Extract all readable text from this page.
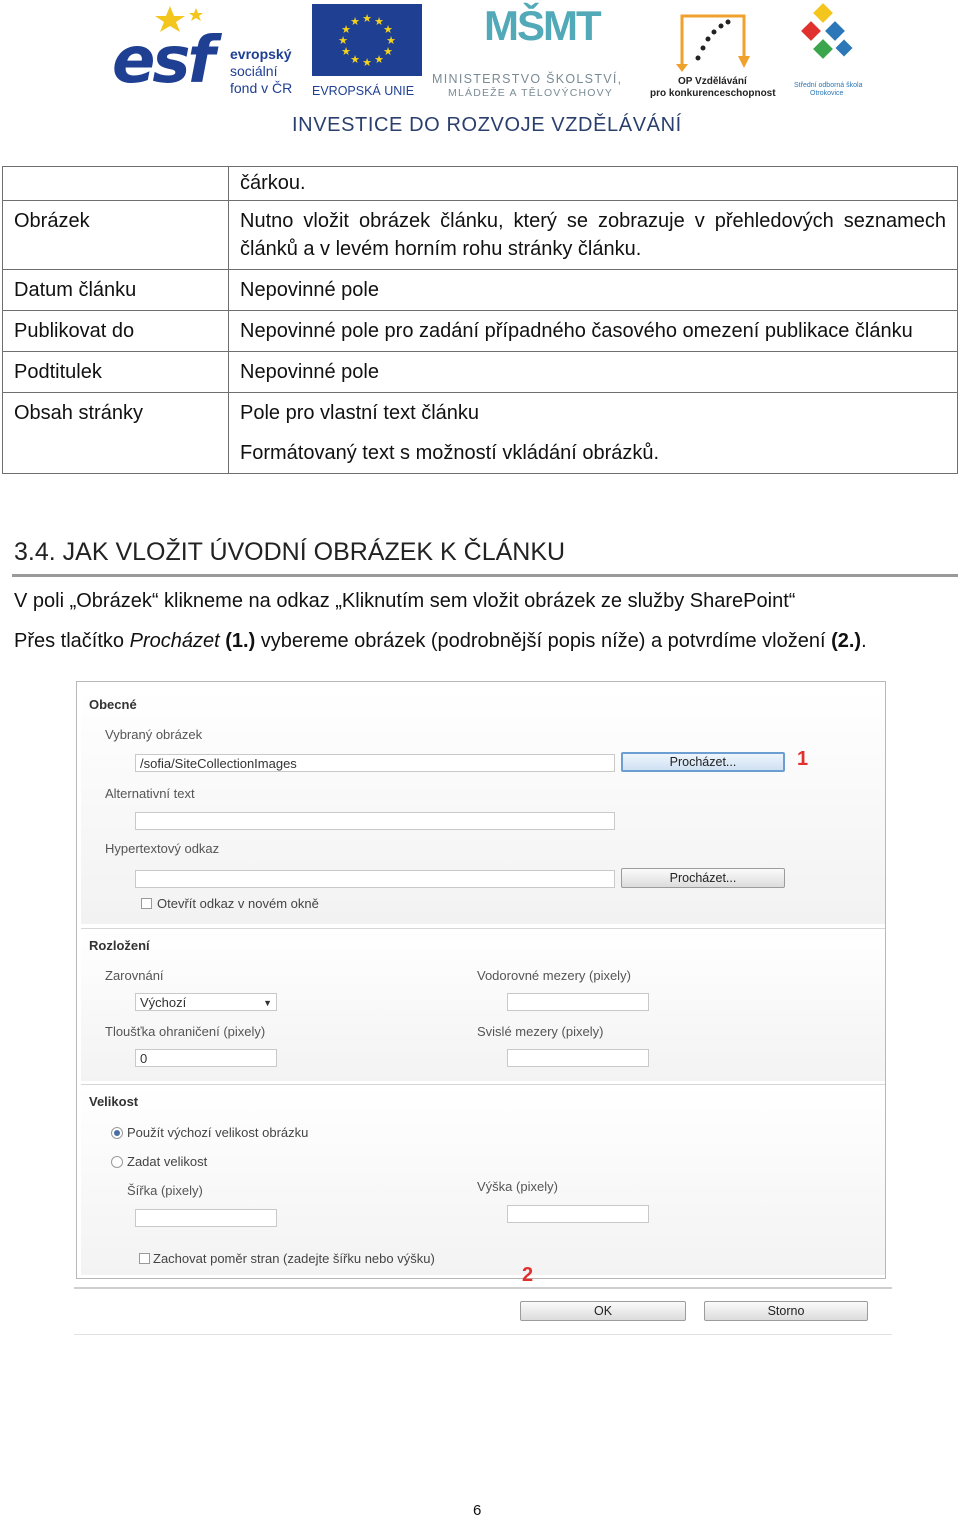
esf evropský
sociální
fond v ČR
★ ★
★
★
★
★
★
★
★
★
★
★
EVROPSKÁ UNIE
MŠMT
MINISTERSTVO ŠKOLSTVÍ,
MLÁDEŽE A TĚLOVÝCHOVY
OP Vzdělávání
pro konkurenceschopnost
Střední odborná škola
Otrokovice
INVESTICE DO ROZVOJE VZDĚLÁVÁNÍ
	čárkou.
Obrázek	Nutno vložit obrázek článku, který se zobrazuje v přehledových seznamech článků a v levém horním rohu stránky článku.
Datum článku	Nepovinné pole
Publikovat do	Nepovinné pole pro zadání případného časového omezení publikace článku
Podtitulek	Nepovinné pole
Obsah stránky	Pole pro vlastní text článku
Formátovaný text s možností vkládání obrázků.
3.4. JAK VLOŽIT ÚVODNÍ OBRÁZEK K ČLÁNKU
V poli „Obrázek“ klikneme na odkaz „Kliknutím sem vložit obrázek ze služby SharePoint“
Přes tlačítko Procházet (1.) vybereme obrázek (podrobnější popis níže) a potvrdíme vložení (2.).
Obecné
Vybraný obrázek
/sofia/SiteCollectionImages	Procházet...	1
Alternativní text
Hypertextový odkaz
Procházet...
Otevřít odkaz v novém okně
Rozložení
Zarovnání
Výchozí	▼
Tloušťka ohraničení (pixely)
0
Vodorovné mezery (pixely)
Svislé mezery (pixely)
Velikost
Použít výchozí velikost obrázku
Zadat velikost
Šířka (pixely)	Výška (pixely)
Zachovat poměr stran (zadejte šířku nebo výšku)
2
OK	Storno
6
